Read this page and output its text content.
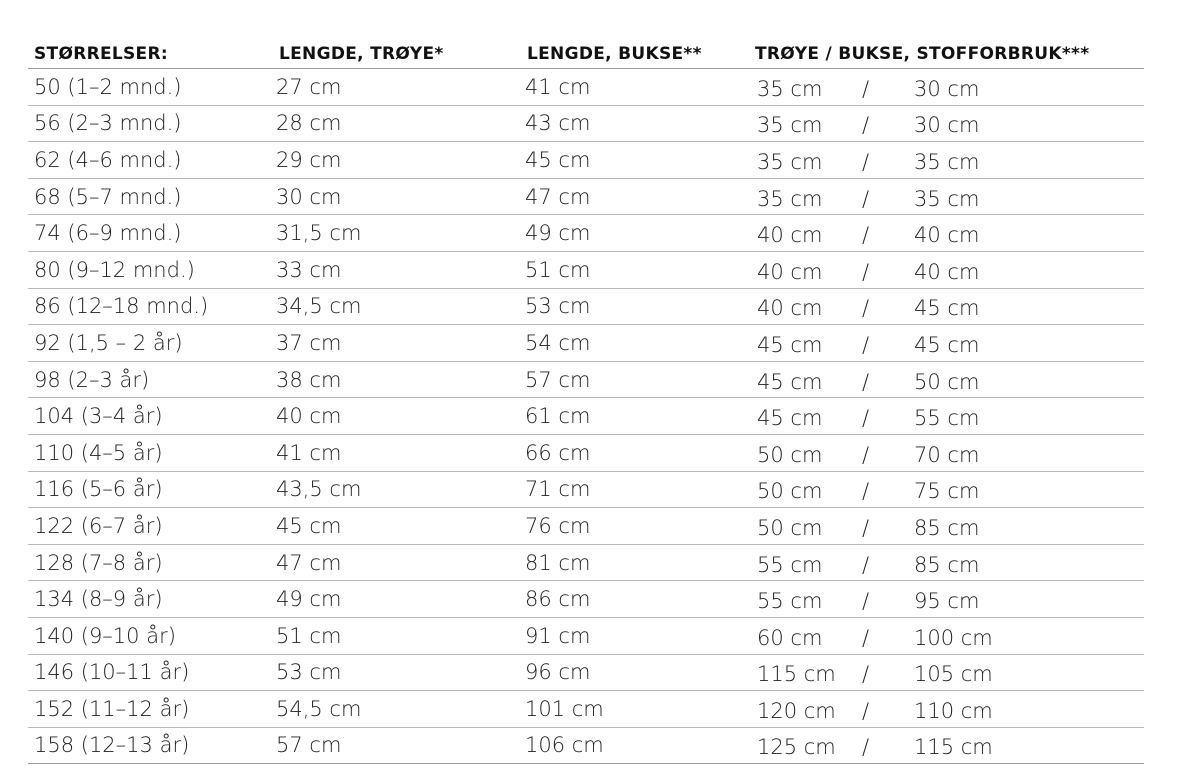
STØRRELSER:	LENGDE, TRØYE*	LENGDE, BUKSE**	TRØYE / BUKSE, STOFFORBRUK***
50 (1–2 mnd.)	27 cm	41 cm	35 cm	/	30 cm
56 (2–3 mnd.)	28 cm	43 cm	35 cm	/	30 cm
62 (4–6 mnd.)	29 cm	45 cm	35 cm	/	35 cm
68 (5–7 mnd.)	30 cm	47 cm	35 cm	/	35 cm
74 (6–9 mnd.)	31,5 cm	49 cm	40 cm	/	40 cm
80 (9–12 mnd.)	33 cm	51 cm	40 cm	/	40 cm
86 (12–18 mnd.)	34,5 cm	53 cm	40 cm	/	45 cm
92 (1,5 – 2 år)	37 cm	54 cm	45 cm	/	45 cm
98 (2–3 år)	38 cm	57 cm	45 cm	/	50 cm
104 (3–4 år)	40 cm	61 cm	45 cm	/	55 cm
110 (4–5 år)	41 cm	66 cm	50 cm	/	70 cm
116 (5–6 år)	43,5 cm	71 cm	50 cm	/	75 cm
122 (6–7 år)	45 cm	76 cm	50 cm	/	85 cm
128 (7–8 år)	47 cm	81 cm	55 cm	/	85 cm
134 (8–9 år)	49 cm	86 cm	55 cm	/	95 cm
140 (9–10 år)	51 cm	91 cm	60 cm	/	100 cm
146 (10–11 år)	53 cm	96 cm	115 cm	/	105 cm
152 (11–12 år)	54,5 cm	101 cm	120 cm	/	110 cm
158 (12–13 år)	57 cm	106 cm	125 cm	/	115 cm
